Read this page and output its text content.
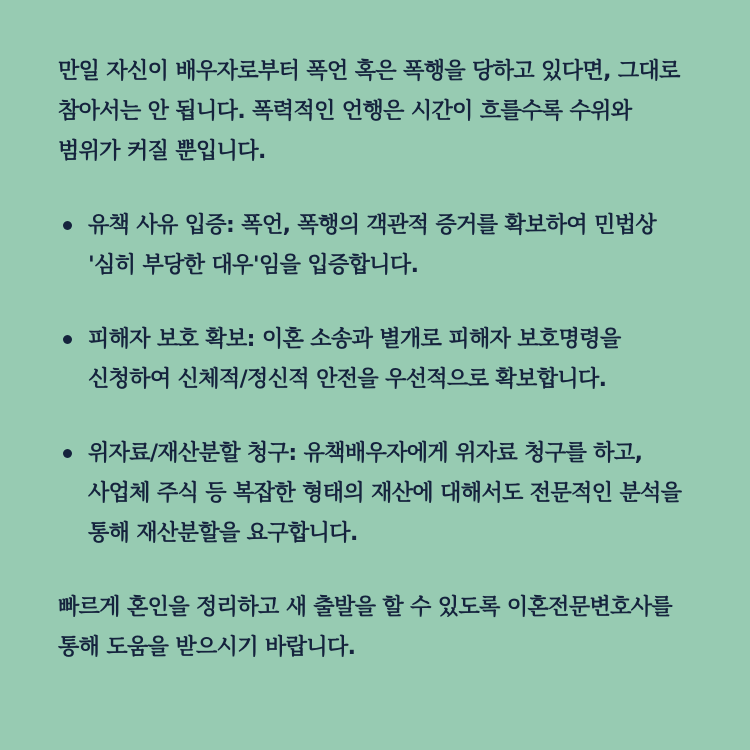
만일 자신이 배우자로부터 폭언 혹은 폭행을 당하고 있다면, 그대로 참아서는 안 됩니다. 폭력적인 언행은 시간이 흐를수록 수위와 범위가 커질 뿐입니다.

유책 사유 입증: 폭언, 폭행의 객관적 증거를 확보하여 민법상 '심히 부당한 대우'임을 입증합니다.
피해자 보호 확보: 이혼 소송과 별개로 피해자 보호명령을 신청하여 신체적/정신적 안전을 우선적으로 확보합니다.
위자료/재산분할 청구: 유책배우자에게 위자료 청구를 하고, 사업체 주식 등 복잡한 형태의 재산에 대해서도 전문적인 분석을 통해 재산분할을 요구합니다.

빠르게 혼인을 정리하고 새 출발을 할 수 있도록 이혼전문변호사를 통해 도움을 받으시기 바랍니다.
